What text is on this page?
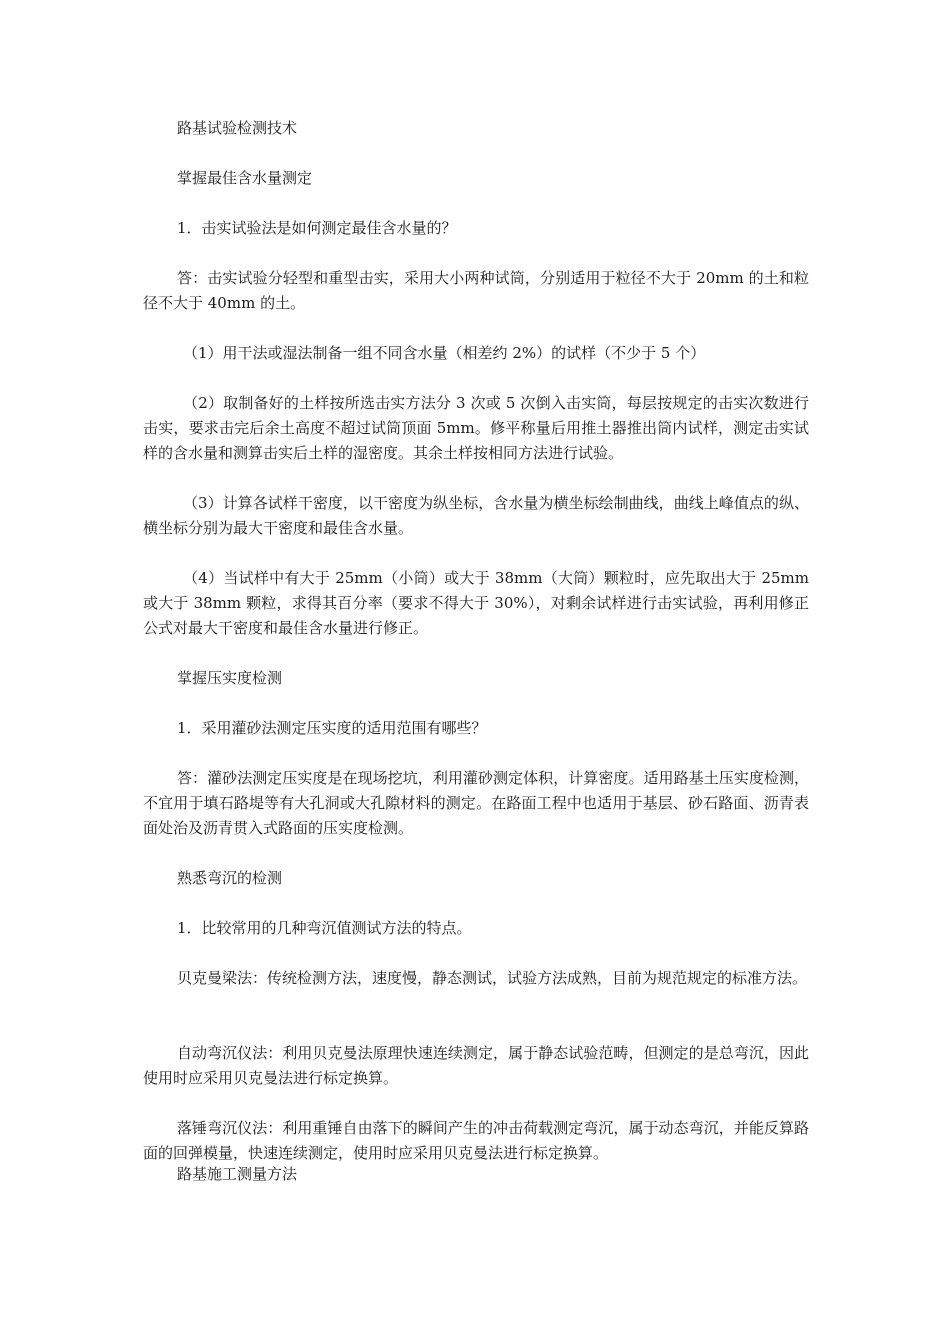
路基试验检测技术
掌握最佳含水量测定
1．击实试验法是如何测定最佳含水量的？
答：击实试验分轻型和重型击实，采用大小两种试筒，分别适用于粒径不大于 20mm 的土和粒径不大于 40mm 的土。
（1）用干法或湿法制备一组不同含水量（相差约 2%）的试样（不少于 5 个）
（2）取制备好的土样按所选击实方法分 3 次或 5 次倒入击实筒，每层按规定的击实次数进行击实，要求击完后余土高度不超过试筒顶面 5mm。修平称量后用推土器推出筒内试样，测定击实试样的含水量和测算击实后土样的湿密度。其余土样按相同方法进行试验。
（3）计算各试样干密度，以干密度为纵坐标，含水量为横坐标绘制曲线，曲线上峰值点的纵、横坐标分别为最大干密度和最佳含水量。
（4）当试样中有大于 25mm（小筒）或大于 38mm（大筒）颗粒时，应先取出大于 25mm 或大于 38mm 颗粒，求得其百分率（要求不得大于 30%），对剩余试样进行击实试验，再利用修正公式对最大干密度和最佳含水量进行修正。
掌握压实度检测
1．采用灌砂法测定压实度的适用范围有哪些？
答：灌砂法测定压实度是在现场挖坑，利用灌砂测定体积，计算密度。适用路基土压实度检测，不宜用于填石路堤等有大孔洞或大孔隙材料的测定。在路面工程中也适用于基层、砂石路面、沥青表面处治及沥青贯入式路面的压实度检测。
熟悉弯沉的检测
1．比较常用的几种弯沉值测试方法的特点。
贝克曼梁法：传统检测方法，速度慢，静态测试，试验方法成熟，目前为规范规定的标准方法。
自动弯沉仪法：利用贝克曼法原理快速连续测定，属于静态试验范畴，但测定的是总弯沉，因此使用时应采用贝克曼法进行标定换算。
落锤弯沉仪法：利用重锤自由落下的瞬间产生的冲击荷载测定弯沉，属于动态弯沉，并能反算路面的回弹模量，快速连续测定，使用时应采用贝克曼法进行标定换算。
路基施工测量方法
